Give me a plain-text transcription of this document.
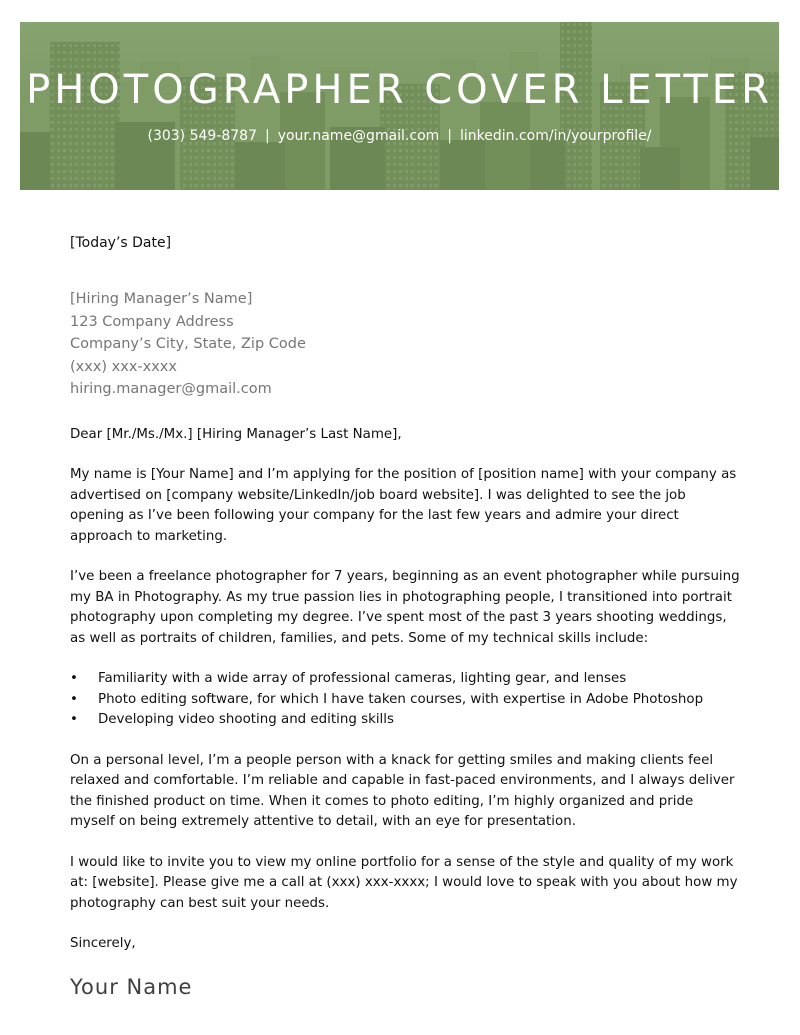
PHOTOGRAPHER COVER LETTER
(303) 549-8787 | your.name@gmail.com | linkedin.com/in/yourprofile/
[Today’s Date]
[Hiring Manager’s Name]
123 Company Address
Company’s City, State, Zip Code
(xxx) xxx-xxxx
hiring.manager@gmail.com
Dear [Mr./Ms./Mx.] [Hiring Manager’s Last Name],

My name is [Your Name] and I’m applying for the position of [position name] with your company as advertised on [company website/LinkedIn/job board website]. I was delighted to see the job opening as I’ve been following your company for the last few years and admire your direct approach to marketing.

I’ve been a freelance photographer for 7 years, beginning as an event photographer while pursuing my BA in Photography. As my true passion lies in photographing people, I transitioned into portrait photography upon completing my degree. I’ve spent most of the past 3 years shooting weddings, as well as portraits of children, families, and pets. Some of my technical skills include:

• Familiarity with a wide array of professional cameras, lighting gear, and lenses
• Photo editing software, for which I have taken courses, with expertise in Adobe Photoshop
• Developing video shooting and editing skills

On a personal level, I’m a people person with a knack for getting smiles and making clients feel relaxed and comfortable. I’m reliable and capable in fast-paced environments, and I always deliver the finished product on time. When it comes to photo editing, I’m highly organized and pride myself on being extremely attentive to detail, with an eye for presentation.

I would like to invite you to view my online portfolio for a sense of the style and quality of my work at: [website]. Please give me a call at (xxx) xxx-xxxx; I would love to speak with you about how my photography can best suit your needs.

Sincerely,
Your Name
